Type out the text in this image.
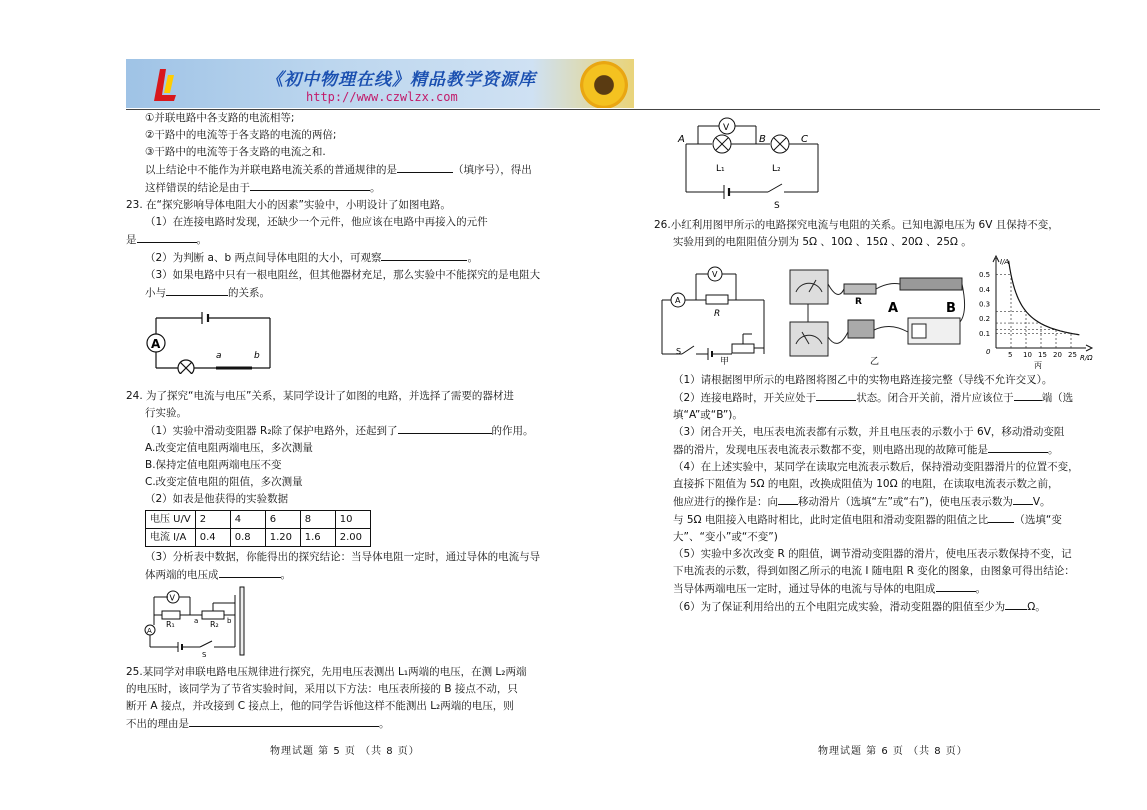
《初中物理在线》精品教学资源库
http://www.czwlzx.com

①并联电路中各支路的电流相等;

②干路中的电流等于各支路的电流的两倍;

③干路中的电流等于各支路的电流之和.

以上结论中不能作为并联电路电流关系的普通规律的是	（填序号），得出

这样错误的结论是由于	。

23. 在“探究影响导体电阻大小的因素”实验中，小明设计了如图电路。

（1）在连接电路时发现，还缺少一个元件，他应该在电路中再接入的元件

是	。

（2）为判断 a、b 两点间导体电阻的大小，可观察	。

（3）如果电路中只有一根电阻丝，但其他器材充足，那么实验中不能探究的是电阻大

小与	的关系。

A
a	b

24. 为了探究“电流与电压”关系，某同学设计了如图的电路，并选择了需要的器材进

行实验。

（1）实验中滑动变阻器 R₂除了保护电路外，还起到了	的作用。

A.改变定值电阻两端电压，多次测量

B.保持定值电阻两端电压不变

C.改变定值电阻的阻值，多次测量

（2）如表是他获得的实验数据

电压 U/V	2	4	6	8	10
电流 I/A	0.4	0.8	1.20	1.6	2.00

（3）分析表中数据，你能得出的探究结论：当导体电阻一定时，通过导体的电流与导

体两端的电压成	。

V
A
R₁	R₂
a	b
S

25.某同学对串联电路电压规律进行探究，先用电压表测出 L₁两端的电压，在测 L₂两端

的电压时，该同学为了节省实验时间，采用以下方法：电压表所接的 B 接点不动，只

断开 A 接点，并改接到 C 接点上，他的同学告诉他这样不能测出 L₂两端的电压，则

不出的理由是	。

物理试题 第 5 页 （共 8 页）
V
A	B	C
L₁	L₂
S

26.小红利用图甲所示的电路探究电流与电阻的关系。已知电源电压为 6V 且保持不变，

实验用到的电阻阻值分别为 5Ω 、10Ω 、15Ω 、20Ω 、25Ω 。

A
V
R
S
甲
R A	B
乙
5 10 15 20 25
0.1
0.2
0.3
0.4
0.5
I/A
R/Ω
0
丙

（1）请根据图甲所示的电路图将图乙中的实物电路连接完整（导线不允许交叉）。

（2）连接电路时，开关应处于	状态。闭合开关前，滑片应该位于	端（选

填“A”或“B”)。

（3）闭合开关，电压表电流表都有示数，并且电压表的示数小于 6V，移动滑动变阻

器的滑片，发现电压表电流表示数都不变，则电路出现的故障可能是	。

（4）在上述实验中，某同学在读取完电流表示数后，保持滑动变阻器滑片的位置不变，

直接拆下阻值为 5Ω 的电阻，改换成阻值为 10Ω 的电阻，在读取电流表示数之前，

他应进行的操作是：向 移动滑片（选填“左”或“右”)，使电压表示数为 V。

与 5Ω 电阻接入电路时相比，此时定值电阻和滑动变阻器的阻值之比 （选填“变

大”、“变小”或“不变”)

（5）实验中多次改变 R 的阻值，调节滑动变阻器的滑片，使电压表示数保持不变，记

下电流表的示数，得到如图乙所示的电流 I 随电阻 R 变化的图象，由图象可得出结论：

当导体两端电压一定时，通过导体的电流与导体的电阻成	。

（6）为了保证利用给出的五个电阻完成实验，滑动变阻器的阻值至少为 Ω。

物理试题 第 6 页 （共 8 页）
